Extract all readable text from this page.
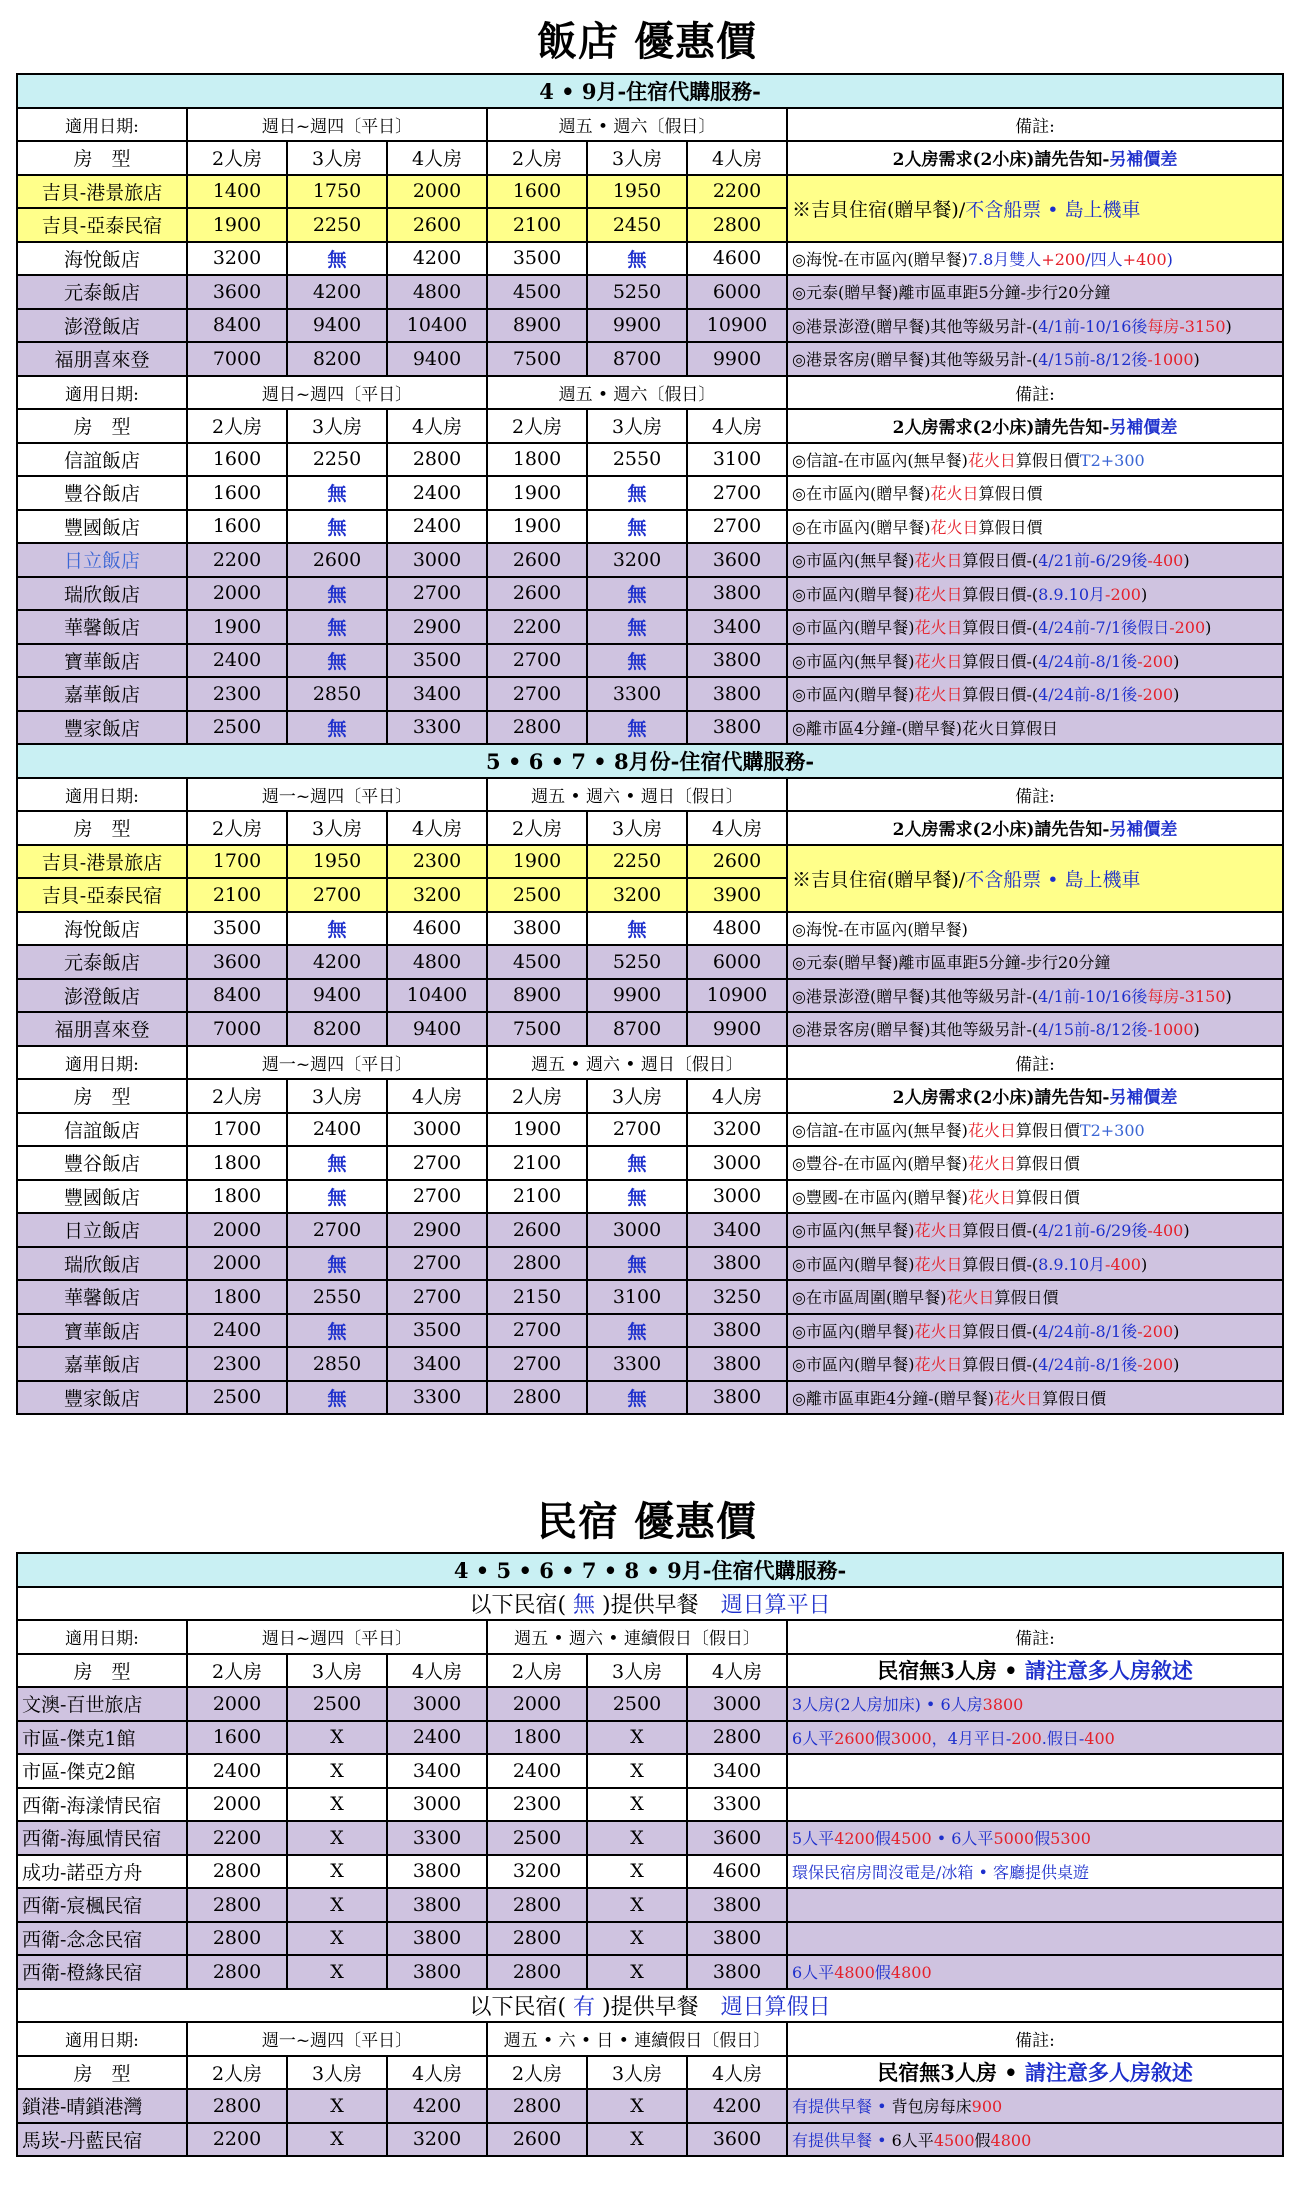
飯店 優惠價
4 • 9月-住宿代購服務-							
適用日期:	週日~週四〔平日〕			週五 • 週六〔假日〕			備註:
房　型	2人房	3人房	4人房	2人房	3人房	4人房	2人房需求(2小床)請先告知-另補價差
吉貝-港景旅店	1400	1750	2000	1600	1950	2200	※吉貝住宿(贈早餐)/不含船票 • 島上機車
吉貝-亞泰民宿	1900	2250	2600	2100	2450	2800	
海悅飯店	3200	無	4200	3500	無	4600	◎海悅-在市區內(贈早餐)7.8月雙人+200/四人+400)
元泰飯店	3600	4200	4800	4500	5250	6000	◎元泰(贈早餐)離市區車距5分鐘-步行20分鐘
澎澄飯店	8400	9400	10400	8900	9900	10900	◎港景澎澄(贈早餐)其他等級另計-(4/1前-10/16後每房-3150)
福朋喜來登	7000	8200	9400	7500	8700	9900	◎港景客房(贈早餐)其他等級另計-(4/15前-8/12後-1000)
適用日期:	週日~週四〔平日〕			週五 • 週六〔假日〕			備註:
房　型	2人房	3人房	4人房	2人房	3人房	4人房	2人房需求(2小床)請先告知-另補價差
信誼飯店	1600	2250	2800	1800	2550	3100	◎信誼-在市區內(無早餐)花火日算假日價T2+300
豐谷飯店	1600	無	2400	1900	無	2700	◎在市區內(贈早餐)花火日算假日價
豐國飯店	1600	無	2400	1900	無	2700	◎在市區內(贈早餐)花火日算假日價
日立飯店	2200	2600	3000	2600	3200	3600	◎市區內(無早餐)花火日算假日價-(4/21前-6/29後-400)
瑞欣飯店	2000	無	2700	2600	無	3800	◎市區內(贈早餐)花火日算假日價-(8.9.10月-200)
華馨飯店	1900	無	2900	2200	無	3400	◎市區內(贈早餐)花火日算假日價-(4/24前-7/1後假日-200)
寶華飯店	2400	無	3500	2700	無	3800	◎市區內(無早餐)花火日算假日價-(4/24前-8/1後-200)
嘉華飯店	2300	2850	3400	2700	3300	3800	◎市區內(贈早餐)花火日算假日價-(4/24前-8/1後-200)
豐家飯店	2500	無	3300	2800	無	3800	◎離市區4分鐘-(贈早餐)花火日算假日
5 • 6 • 7 • 8月份-住宿代購服務-							
適用日期:	週一~週四〔平日〕			週五 • 週六 • 週日〔假日〕			備註:
房　型	2人房	3人房	4人房	2人房	3人房	4人房	2人房需求(2小床)請先告知-另補價差
吉貝-港景旅店	1700	1950	2300	1900	2250	2600	※吉貝住宿(贈早餐)/不含船票 • 島上機車
吉貝-亞泰民宿	2100	2700	3200	2500	3200	3900	
海悅飯店	3500	無	4600	3800	無	4800	◎海悅-在市區內(贈早餐)
元泰飯店	3600	4200	4800	4500	5250	6000	◎元泰(贈早餐)離市區車距5分鐘-步行20分鐘
澎澄飯店	8400	9400	10400	8900	9900	10900	◎港景澎澄(贈早餐)其他等級另計-(4/1前-10/16後每房-3150)
福朋喜來登	7000	8200	9400	7500	8700	9900	◎港景客房(贈早餐)其他等級另計-(4/15前-8/12後-1000)
適用日期:	週一~週四〔平日〕			週五 • 週六 • 週日〔假日〕			備註:
房　型	2人房	3人房	4人房	2人房	3人房	4人房	2人房需求(2小床)請先告知-另補價差
信誼飯店	1700	2400	3000	1900	2700	3200	◎信誼-在市區內(無早餐)花火日算假日價T2+300
豐谷飯店	1800	無	2700	2100	無	3000	◎豐谷-在市區內(贈早餐)花火日算假日價
豐國飯店	1800	無	2700	2100	無	3000	◎豐國-在市區內(贈早餐)花火日算假日價
日立飯店	2000	2700	2900	2600	3000	3400	◎市區內(無早餐)花火日算假日價-(4/21前-6/29後-400)
瑞欣飯店	2000	無	2700	2800	無	3800	◎市區內(贈早餐)花火日算假日價-(8.9.10月-400)
華馨飯店	1800	2550	2700	2150	3100	3250	◎在市區周圍(贈早餐)花火日算假日價
寶華飯店	2400	無	3500	2700	無	3800	◎市區內(贈早餐)花火日算假日價-(4/24前-8/1後-200)
嘉華飯店	2300	2850	3400	2700	3300	3800	◎市區內(贈早餐)花火日算假日價-(4/24前-8/1後-200)
豐家飯店	2500	無	3300	2800	無	3800	◎離市區車距4分鐘-(贈早餐)花火日算假日價
民宿 優惠價
4 • 5 • 6 • 7 • 8 • 9月-住宿代購服務-							
以下民宿( 無 )提供早餐　週日算平日							
適用日期:	週日~週四〔平日〕			週五 • 週六 • 連續假日〔假日〕			備註:
房　型	2人房	3人房	4人房	2人房	3人房	4人房	民宿無3人房 • 請注意多人房敘述
文澳-百世旅店	2000	2500	3000	2000	2500	3000	3人房(2人房加床) • 6人房3800
市區-傑克1館	1600	X	2400	1800	X	2800	6人平2600假3000，4月平日-200.假日-400
市區-傑克2館	2400	X	3400	2400	X	3400	
西衛-海漾情民宿	2000	X	3000	2300	X	3300	
西衛-海風情民宿	2200	X	3300	2500	X	3600	5人平4200假4500 • 6人平5000假5300
成功-諾亞方舟	2800	X	3800	3200	X	4600	環保民宿房間沒電是/冰箱 • 客廳提供桌遊
西衛-宸楓民宿	2800	X	3800	2800	X	3800	
西衛-念念民宿	2800	X	3800	2800	X	3800	
西衛-橙緣民宿	2800	X	3800	2800	X	3800	6人平4800假4800
以下民宿( 有 )提供早餐　週日算假日							
適用日期:	週一~週四〔平日〕			週五 • 六 • 日 • 連續假日〔假日〕			備註:
房　型	2人房	3人房	4人房	2人房	3人房	4人房	民宿無3人房 • 請注意多人房敘述
鎖港-晴鎖港灣	2800	X	4200	2800	X	4200	有提供早餐 • 背包房每床900
馬崁-丹藍民宿	2200	X	3200	2600	X	3600	有提供早餐 • 6人平4500假4800
